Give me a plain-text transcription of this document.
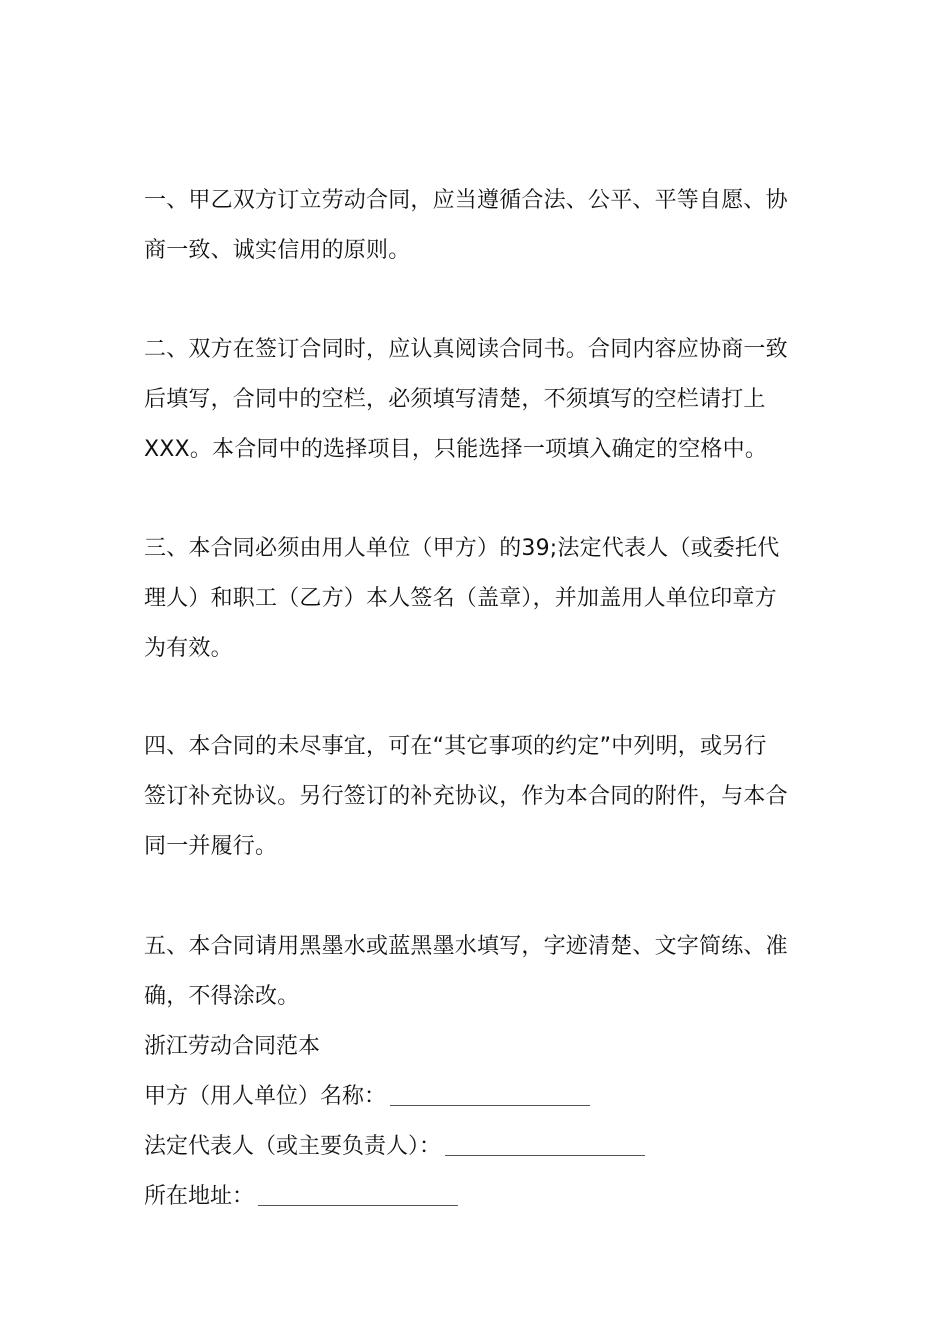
一、甲乙双方订立劳动合同，应当遵循合法、公平、平等自愿、协
商一致、诚实信用的原则。
二、双方在签订合同时，应认真阅读合同书。合同内容应协商一致
后填写，合同中的空栏，必须填写清楚，不须填写的空栏请打上
XXX。本合同中的选择项目，只能选择一项填入确定的空格中。
三、本合同必须由用人单位（甲方）的39;法定代表人（或委托代
理人）和职工（乙方）本人签名（盖章），并加盖用人单位印章方
为有效。
四、本合同的未尽事宜，可在“其它事项的约定”中列明，或另行
签订补充协议。另行签订的补充协议，作为本合同的附件，与本合
同一并履行。
五、本合同请用黑墨水或蓝黑墨水填写，字迹清楚、文字简练、准
确，不得涂改。
浙江劳动合同范本
甲方（用人单位）名称：
法定代表人（或主要负责人）：
所在地址：
